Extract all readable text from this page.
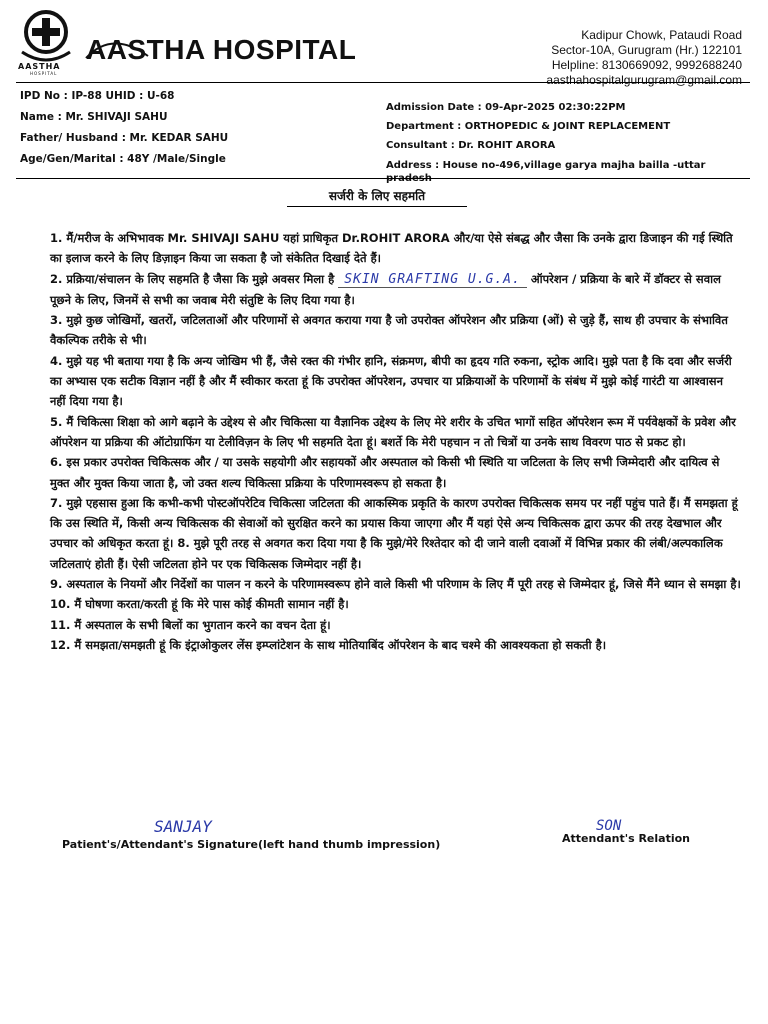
AASTHA
HOSPITAL
AASTHA HOSPITAL	Kadipur Chowk, Pataudi Road
Sector-10A, Gurugram (Hr.) 122101
Helpline: 8130669092, 9992688240
aasthahospitalgurugram@gmail.com
IPD No : IP-88 UHID : U-68
Name : Mr. SHIVAJI SAHU
Father/ Husband : Mr. KEDAR SAHU
Age/Gen/Marital : 48Y /Male/Single
Admission Date : 09-Apr-2025 02:30:22PM
Department : ORTHOPEDIC & JOINT REPLACEMENT
Consultant : Dr. ROHIT ARORA
Address : House no-496,village garya majha bailla -uttar pradesh
सर्जरी के लिए सहमति

1. मैं/मरीज के अभिभावक Mr. SHIVAJI SAHU यहां प्राधिकृत Dr.ROHIT ARORA और/या ऐसे संबद्ध और जैसा कि उनके द्वारा डिजाइन की गई स्थिति का इलाज करने के लिए डिज़ाइन किया जा सकता है जो संकेतित दिखाई देते हैं।

2. प्रक्रिया/संचालन के लिए सहमति है जैसा कि मुझे अवसर मिला है SKIN GRAFTING U.G.A. ऑपरेशन / प्रक्रिया के बारे में डॉक्टर से सवाल पूछने के लिए, जिनमें से सभी का जवाब मेरी संतुष्टि के लिए दिया गया है।

3. मुझे कुछ जोखिमों, खतरों, जटिलताओं और परिणामों से अवगत कराया गया है जो उपरोक्त ऑपरेशन और प्रक्रिया (ओं) से जुड़े हैं, साथ ही उपचार के संभावित वैकल्पिक तरीके से भी।

4. मुझे यह भी बताया गया है कि अन्य जोखिम भी हैं, जैसे रक्त की गंभीर हानि, संक्रमण, बीपी का हृदय गति रुकना, स्ट्रोक आदि। मुझे पता है कि दवा और सर्जरी का अभ्यास एक सटीक विज्ञान नहीं है और मैं स्वीकार करता हूं कि उपरोक्त ऑपरेशन, उपचार या प्रक्रियाओं के परिणामों के संबंध में मुझे कोई गारंटी या आश्वासन नहीं दिया गया है।

5. मैं चिकित्सा शिक्षा को आगे बढ़ाने के उद्देश्य से और चिकित्सा या वैज्ञानिक उद्देश्य के लिए मेरे शरीर के उचित भागों सहित ऑपरेशन रूम में पर्यवेक्षकों के प्रवेश और ऑपरेशन या प्रक्रिया की ऑटोग्राफिंग या टेलीविज़न के लिए भी सहमति देता हूं। बशर्ते कि मेरी पहचान न तो चित्रों या उनके साथ विवरण पाठ से प्रकट हो।

6. इस प्रकार उपरोक्त चिकित्सक और / या उसके सहयोगी और सहायकों और अस्पताल को किसी भी स्थिति या जटिलता के लिए सभी जिम्मेदारी और दायित्व से मुक्त और मुक्त किया जाता है, जो उक्त शल्य चिकित्सा प्रक्रिया के परिणामस्वरूप हो सकता है।

7. मुझे एहसास हुआ कि कभी-कभी पोस्टऑपरेटिव चिकित्सा जटिलता की आकस्मिक प्रकृति के कारण उपरोक्त चिकित्सक समय पर नहीं पहुंच पाते हैं। मैं समझता हूं कि उस स्थिति में, किसी अन्य चिकित्सक की सेवाओं को सुरक्षित करने का प्रयास किया जाएगा और मैं यहां ऐसे अन्य चिकित्सक द्वारा ऊपर की तरह देखभाल और उपचार को अधिकृत करता हूं। 8. मुझे पूरी तरह से अवगत करा दिया गया है कि मुझे/मेरे रिश्तेदार को दी जाने वाली दवाओं में विभिन्न प्रकार की लंबी/अल्पकालिक जटिलताएं होती हैं। ऐसी जटिलता होने पर एक चिकित्सक जिम्मेदार नहीं है।

9. अस्पताल के नियमों और निर्देशों का पालन न करने के परिणामस्वरूप होने वाले किसी भी परिणाम के लिए मैं पूरी तरह से जिम्मेदार हूं, जिसे मैंने ध्यान से समझा है।

10. मैं घोषणा करता/करती हूं कि मेरे पास कोई कीमती सामान नहीं है।

11. मैं अस्पताल के सभी बिलों का भुगतान करने का वचन देता हूं।

12. मैं समझता/समझती हूं कि इंट्राओकुलर लेंस इम्प्लांटेशन के साथ मोतियाबिंद ऑपरेशन के बाद चश्मे की आवश्यकता हो सकती है।

SANJAY
Patient's/Attendant's Signature(left hand thumb impression)
SON
Attendant's Relation
